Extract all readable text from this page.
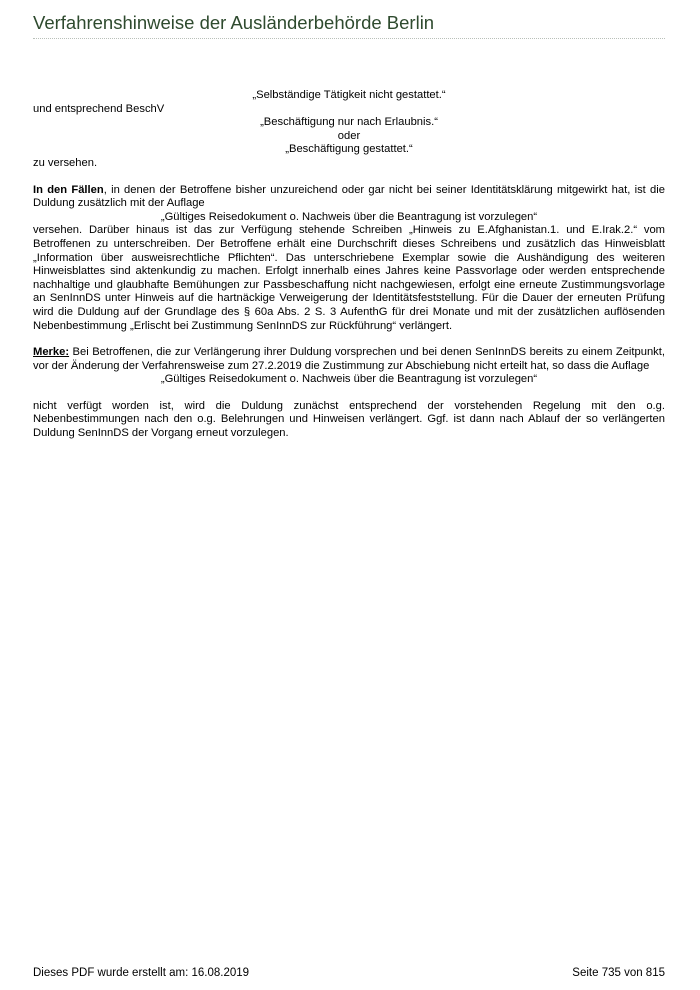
Verfahrenshinweise der Ausländerbehörde Berlin

„Selbständige Tätigkeit nicht gestattet.“

und entsprechend BeschV

„Beschäftigung nur nach Erlaubnis.“

oder

„Beschäftigung gestattet.“

zu versehen.

In den Fällen, in denen der Betroffene bisher unzureichend oder gar nicht bei seiner Identitätsklärung mitgewirkt hat, ist die Duldung zusätzlich mit der Auflage

„Gültiges Reisedokument o. Nachweis über die Beantragung ist vorzulegen“

versehen. Darüber hinaus ist das zur Verfügung stehende Schreiben „Hinweis zu E.Afghanistan.1. und E.Irak.2.“ vom Betroffenen zu unterschreiben. Der Betroffene erhält eine Durchschrift dieses Schreibens und zusätzlich das Hinweisblatt „Information über ausweisrechtliche Pflichten“. Das unterschriebene Exemplar sowie die Aushändigung des weiteren Hinweisblattes sind aktenkundig zu machen. Erfolgt innerhalb eines Jahres keine Passvorlage oder werden entsprechende nachhaltige und glaubhafte Bemühungen zur Passbeschaffung nicht nachgewiesen, erfolgt eine erneute Zustimmungsvorlage an SenInnDS unter Hinweis auf die hartnäckige Verweigerung der Identitätsfeststellung. Für die Dauer der erneuten Prüfung wird die Duldung auf der Grundlage des § 60a Abs. 2 S. 3 AufenthG für drei Monate und mit der zusätzlichen auflösenden Nebenbestimmung „Erlischt bei Zustimmung SenInnDS zur Rückführung“ verlängert.

Merke: Bei Betroffenen, die zur Verlängerung ihrer Duldung vorsprechen und bei denen SenInnDS bereits zu einem Zeitpunkt, vor der Änderung der Verfahrensweise zum 27.2.2019 die Zustimmung zur Abschiebung nicht erteilt hat, so dass die Auflage

„Gültiges Reisedokument o. Nachweis über die Beantragung ist vorzulegen“

nicht verfügt worden ist, wird die Duldung zunächst entsprechend der vorstehenden Regelung mit den o.g. Nebenbestimmungen nach den o.g. Belehrungen und Hinweisen verlängert. Ggf. ist dann nach Ablauf der so verlängerten Duldung SenInnDS der Vorgang erneut vorzulegen.

Dieses PDF wurde erstellt am: 16.08.2019	Seite 735 von 815
